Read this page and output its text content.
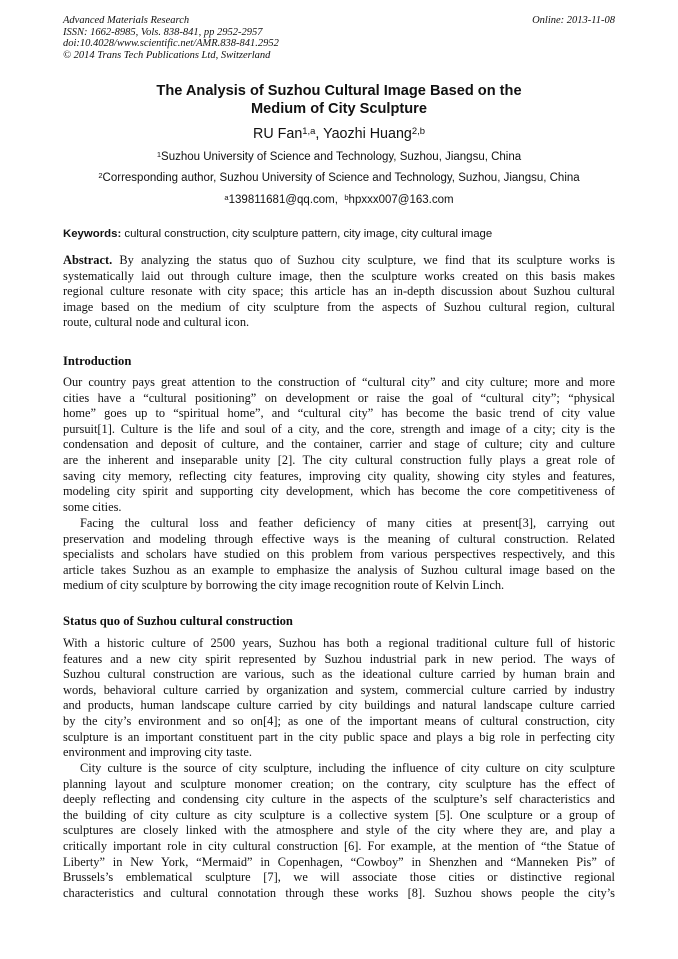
Advanced Materials Research
ISSN: 1662-8985, Vols. 838-841, pp 2952-2957
doi:10.4028/www.scientific.net/AMR.838-841.2952
© 2014 Trans Tech Publications Ltd, Switzerland
Online: 2013-11-08
The Analysis of Suzhou Cultural Image Based on the
Medium of City Sculpture
RU Fan$^{1,a}$, Yaozhi Huang$^{2,b}$
$^1$Suzhou University of Science and Technology, Suzhou, Jiangsu, China
$^2$Corresponding author, Suzhou University of Science and Technology, Suzhou, Jiangsu, China
$^a$139811681@qq.com, $^b$hpxxx007@163.com
Keywords: cultural construction, city sculpture pattern, city image, city cultural image
Abstract. By analyzing the status quo of Suzhou city sculpture, we find that its sculpture works is
systematically laid out through culture image, then the sculpture works created on this basis makes
regional culture resonate with city space; this article has an in-depth discussion about Suzhou cultural
image based on the medium of city sculpture from the aspects of Suzhou cultural region, cultural
route, cultural node and cultural icon.
Introduction
Our country pays great attention to the construction of “cultural city” and city culture; more and more
cities have a “cultural positioning” on development or raise the goal of “cultural city”; “physical
home” goes up to “spiritual home”, and “cultural city” has become the basic trend of city value
pursuit[1]. Culture is the life and soul of a city, and the core, strength and image of a city; city is the
condensation and deposit of culture, and the container, carrier and stage of culture; city and culture
are the inherent and inseparable unity [2]. The city cultural construction fully plays a great role of
saving city memory, reflecting city features, improving city quality, showing city styles and features,
modeling city spirit and supporting city development, which has become the core competitiveness of
some cities.
Facing the cultural loss and feather deficiency of many cities at present[3], carrying out
preservation and modeling through effective ways is the meaning of cultural construction. Related
specialists and scholars have studied on this problem from various perspectives respectively, and this
article takes Suzhou as an example to emphasize the analysis of Suzhou cultural image based on the
medium of city sculpture by borrowing the city image recognition route of Kelvin Linch.
Status quo of Suzhou cultural construction
With a historic culture of 2500 years, Suzhou has both a regional traditional culture full of historic
features and a new city spirit represented by Suzhou industrial park in new period. The ways of
Suzhou cultural construction are various, such as the ideational culture carried by human brain and
words, behavioral culture carried by organization and system, commercial culture carried by industry
and products, human landscape culture carried by city buildings and natural landscape culture carried
by the city’s environment and so on[4]; as one of the important means of cultural construction, city
sculpture is an important constituent part in the city public space and plays a big role in perfecting city
environment and improving city taste.
City culture is the source of city sculpture, including the influence of city culture on city sculpture
planning layout and sculpture monomer creation; on the contrary, city sculpture has the effect of
deeply reflecting and condensing city culture in the aspects of the sculpture’s self characteristics and
the building of city culture as city sculpture is a collective system [5]. One sculpture or a group of
sculptures are closely linked with the atmosphere and style of the city where they are, and play a
critically important role in city cultural construction [6]. For example, at the mention of “the Statue of
Liberty” in New York, “Mermaid” in Copenhagen, “Cowboy” in Shenzhen and “Manneken Pis” of
Brussels’s emblematical sculpture [7], we will associate those cities or distinctive regional
characteristics and cultural connotation through these works [8]. Suzhou shows people the city’s
